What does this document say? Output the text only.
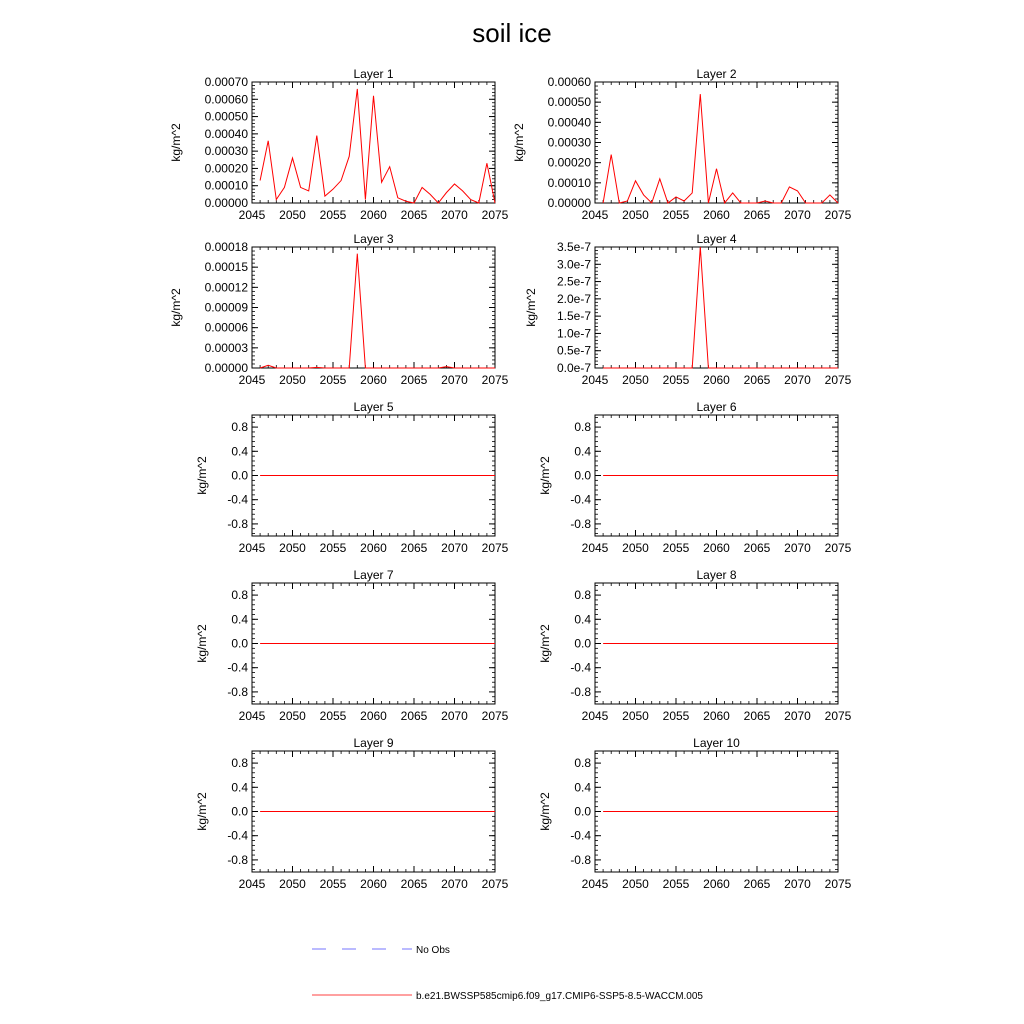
soil ice
Layer 1
2045 2050 2055 2060 2065 2070 2075
0.00000
0.00010
0.00020
0.00030
0.00040
0.00050
0.00060
0.00070
kg/m^2
Layer 2
2045 2050 2055 2060 2065 2070 2075
0.00000
0.00010
0.00020
0.00030
0.00040
0.00050
0.00060
kg/m^2
Layer 3
2045 2050 2055 2060 2065 2070 2075
0.00000
0.00003
0.00006
0.00009
0.00012
0.00015
0.00018
kg/m^2
Layer 4
2045 2050 2055 2060 2065 2070 2075
0.0e-7
0.5e-7
1.0e-7
1.5e-7
2.0e-7
2.5e-7
3.0e-7
3.5e-7
kg/m^2
Layer 5
2045 2050 2055 2060 2065 2070 2075
-0.8
-0.4
0.0
0.4
0.8
kg/m^2
Layer 6
2045 2050 2055 2060 2065 2070 2075
-0.8
-0.4
0.0
0.4
0.8
kg/m^2
Layer 7
2045 2050 2055 2060 2065 2070 2075
-0.8
-0.4
0.0
0.4
0.8
kg/m^2
Layer 8
2045 2050 2055 2060 2065 2070 2075
-0.8
-0.4
0.0
0.4
0.8
kg/m^2
Layer 9
2045 2050 2055 2060 2065 2070 2075
-0.8
-0.4
0.0
0.4
0.8
kg/m^2
Layer 10
2045 2050 2055 2060 2065 2070 2075
-0.8
-0.4
0.0
0.4
0.8
kg/m^2
No Obs
b.e21.BWSSP585cmip6.f09_g17.CMIP6-SSP5-8.5-WACCM.005
